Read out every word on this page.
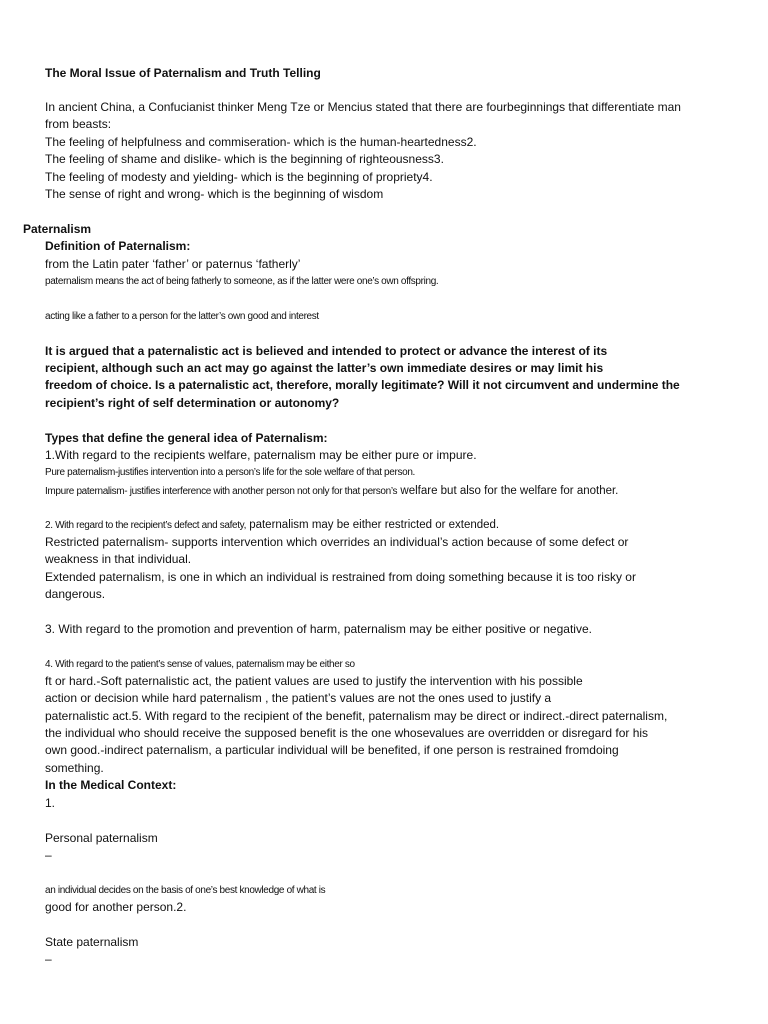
The Moral Issue of Paternalism and Truth Telling

In ancient China, a Confucianist thinker Meng Tze or Mencius stated that there are fourbeginnings that differentiate man

from beasts:

The feeling of helpfulness and commiseration- which is the human-heartedness2.

The feeling of shame and dislike- which is the beginning of righteousness3.

The feeling of modesty and yielding- which is the beginning of propriety4.

The sense of right and wrong- which is the beginning of wisdom

Paternalism

Definition of Paternalism:

from the Latin pater ‘father’ or paternus ‘fatherly’

paternalism means the act of being fatherly to someone, as if the latter were one’s own offspring.

acting like a father to a person for the latter’s own good and interest

It is argued that a paternalistic act is believed and intended to protect or advance the interest of its

recipient, although such an act may go against the latter’s own immediate desires or may limit his

freedom of choice. Is a paternalistic act, therefore, morally legitimate? Will it not circumvent and undermine the

recipient’s right of self determination or autonomy?

Types that define the general idea of Paternalism:

1.With regard to the recipients welfare, paternalism may be either pure or impure.

Pure paternalism-justifies intervention into a person’s life for the sole welfare of that person.

Impure paternalism- justifies interference with another person not only for that person’s welfare but also for the welfare for another.

2. With regard to the recipient’s defect and safety, paternalism may be either restricted or extended.

Restricted paternalism- supports intervention which overrides an individual’s action because of some defect or

weakness in that individual.

Extended paternalism, is one in which an individual is restrained from doing something because it is too risky or

dangerous.

3. With regard to the promotion and prevention of harm, paternalism may be either positive or negative.

4. With regard to the patient’s sense of values, paternalism may be either so

ft or hard.-Soft paternalistic act, the patient values are used to justify the intervention with his possible

action or decision while hard paternalism , the patient’s values are not the ones used to justify a

paternalistic act.5. With regard to the recipient of the benefit, paternalism may be direct or indirect.-direct paternalism,

the individual who should receive the supposed benefit is the one whosevalues are overridden or disregard for his

own good.-indirect paternalism, a particular individual will be benefited, if one person is restrained fromdoing

something.

In the Medical Context:

1.

Personal paternalism

–

an individual decides on the basis of one’s best knowledge of what is

good for another person.2.

State paternalism

–
